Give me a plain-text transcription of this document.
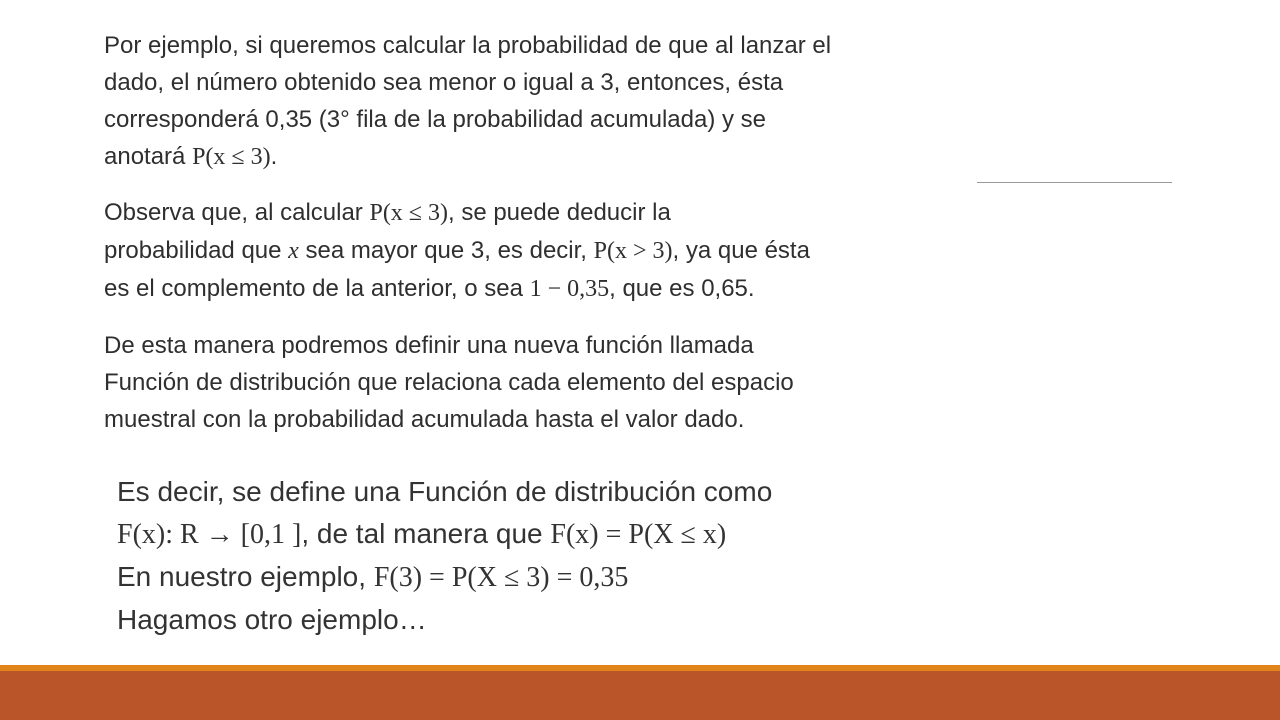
Por ejemplo, si queremos calcular la probabilidad de que al lanzar el
dado, el número obtenido sea menor o igual a 3, entonces, ésta
corresponderá 0,35 (3° fila de la probabilidad acumulada) y se
anotará P(x ≤ 3).

Observa que, al calcular P(x ≤ 3), se puede deducir la
probabilidad que x sea mayor que 3, es decir, P(x > 3), ya que ésta
es el complemento de la anterior, o sea 1 − 0,35, que es 0,65.

De esta manera podremos definir una nueva función llamada
Función de distribución que relaciona cada elemento del espacio
muestral con la probabilidad acumulada hasta el valor dado.

Es decir, se define una Función de distribución como
F(x): R → [0,1 ], de tal manera que F(x) = P(X ≤ x)
En nuestro ejemplo, F(3) = P(X ≤ 3) = 0,35
Hagamos otro ejemplo…
